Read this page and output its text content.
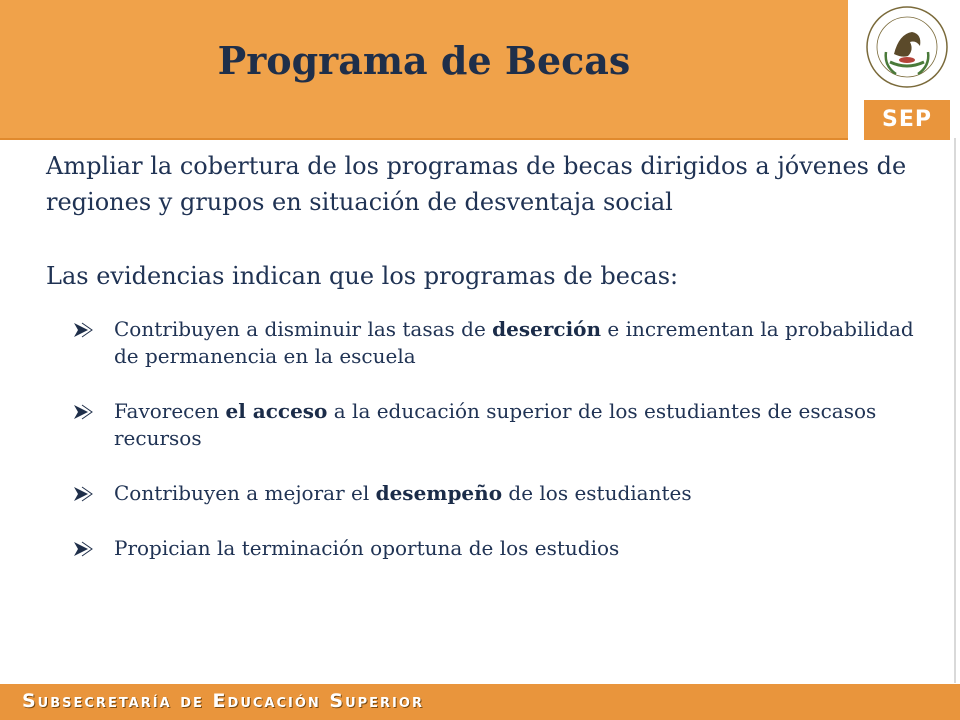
Programa de Becas
SEP

Ampliar la cobertura de los programas de becas dirigidos a jóvenes de regiones y grupos en situación de desventaja social

Las evidencias indican que los programas de becas:

Contribuyen a disminuir las tasas de deserción e incrementan la probabilidad de permanencia en la escuela
Favorecen el acceso a la educación superior de los estudiantes de escasos recursos
Contribuyen a mejorar el desempeño de los estudiantes
Propician la terminación oportuna de los estudios
Subsecretaría de Educación Superior
